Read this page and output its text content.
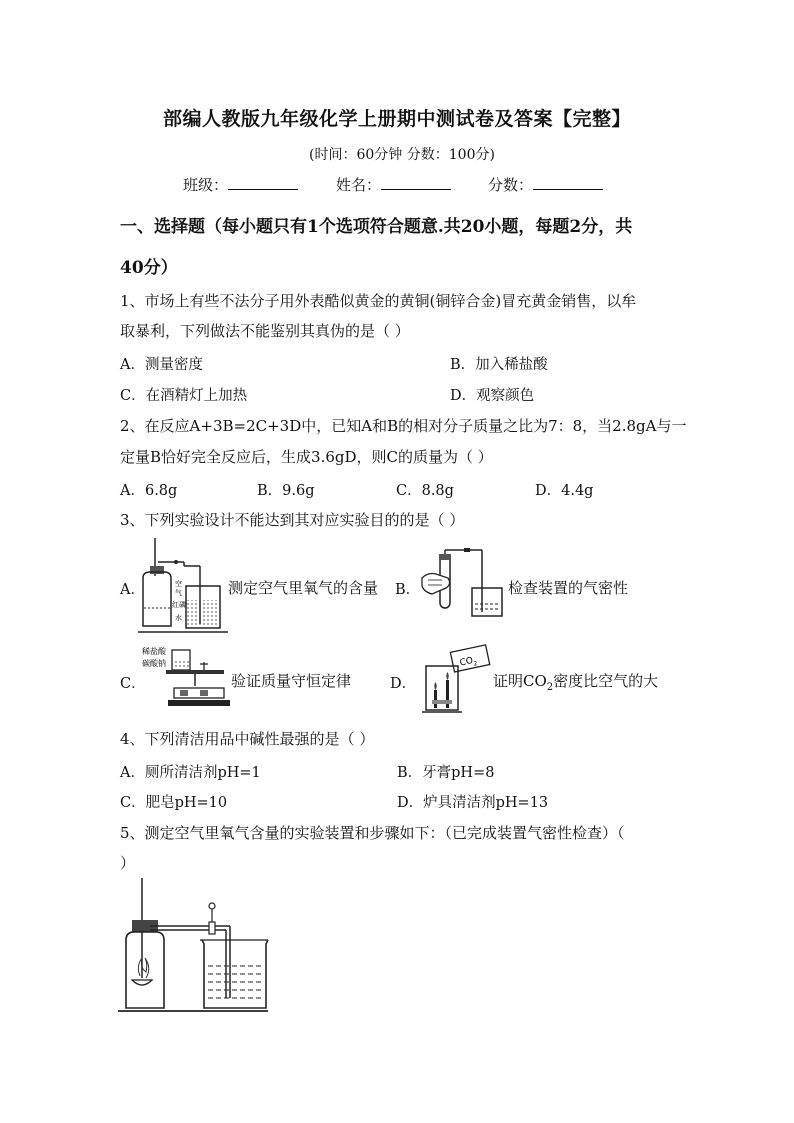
部编人教版九年级化学上册期中测试卷及答案【完整】
(时间：60分钟 分数：100分)
班级：	姓名：	分数：
一、选择题（每小题只有1个选项符合题意.共20小题，每题2分，共
40分）
1、市场上有些不法分子用外表酷似黄金的黄铜(铜锌合金)冒充黄金销售，以牟
取暴利，下列做法不能鉴别其真伪的是（ ）
A．测量密度	B．加入稀盐酸
C．在酒精灯上加热	D．观察颜色
2、在反应A+3B=2C+3D中，已知A和B的相对分子质量之比为7：8，当2.8gA与一
定量B恰好完全反应后，生成3.6gD，则C的质量为（ ）
A．6.8g	B．9.6g	C．8.8g	D．4.4g
3、下列实验设计不能达到其对应实验目的的是（ ）
A．	空
气
红磷
水
测定空气里氧气的含量 B．	检查装置的气密性
C．
稀盐酸
碳酸钠
验证质量守恒定律	D．
$CO_2$
证明$CO_2$密度比空气的大
4、下列清洁用品中碱性最强的是（ ）
A．厕所清洁剂pH=1	B．牙膏pH=8
C．肥皂pH=10	D．炉具清洁剂pH=13
5、测定空气里氧气含量的实验装置和步骤如下：（已完成装置气密性检查）（
）
